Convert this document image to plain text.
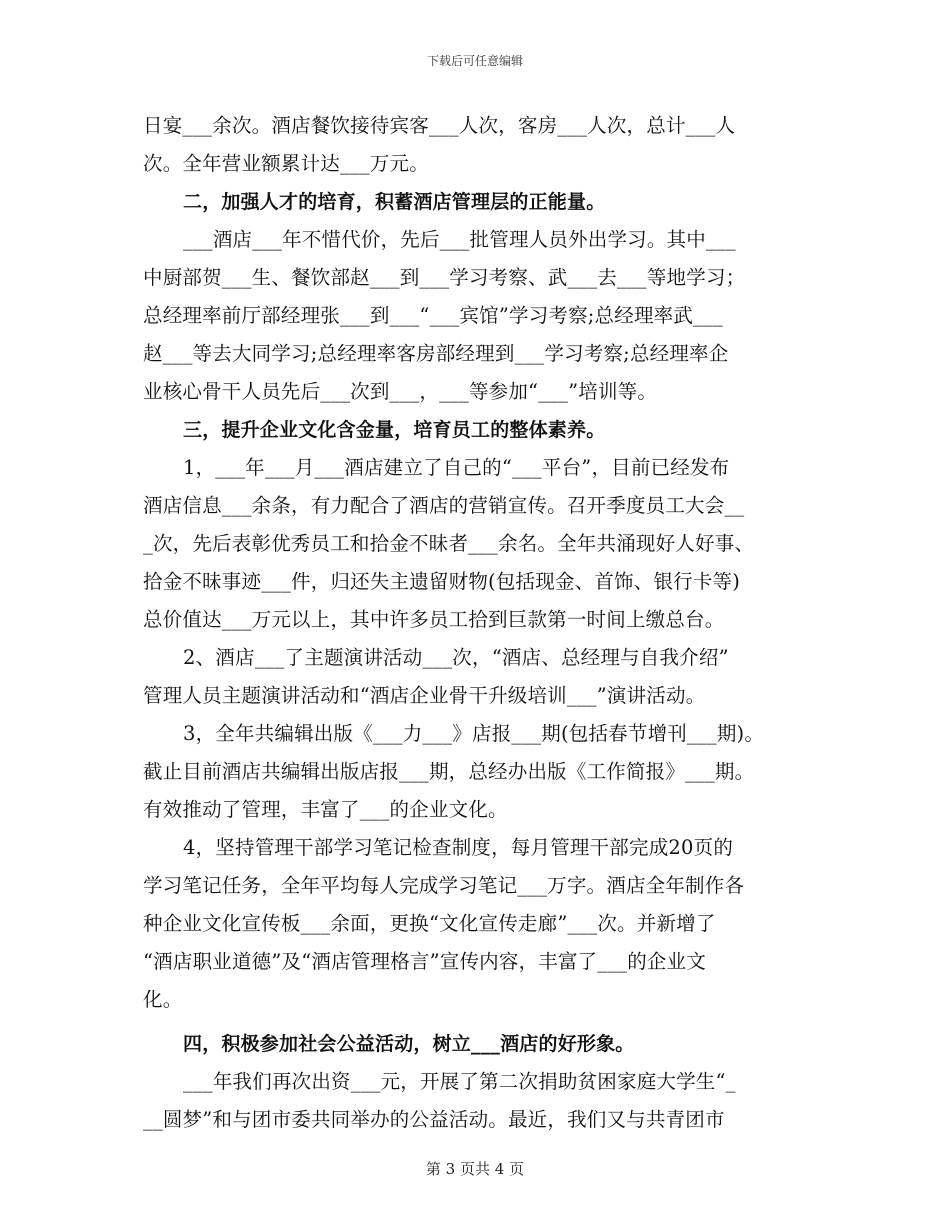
下载后可任意编辑
日宴___余次。酒店餐饮接待宾客___人次，客房___人次，总计___人
次。全年营业额累计达___万元。
二，加强人才的培育，积蓄酒店管理层的正能量。
___酒店___年不惜代价，先后___批管理人员外出学习。其中___
中厨部贺___生、餐饮部赵___到___学习考察、武___去___等地学习；
总经理率前厅部经理张___到___“___宾馆”学习考察;总经理率武___
赵___等去大同学习;总经理率客房部经理到___学习考察;总经理率企
业核心骨干人员先后___次到___，___等参加“___”培训等。
三，提升企业文化含金量，培育员工的整体素养。
1，___年___月___酒店建立了自己的“___平台”，目前已经发布
酒店信息___余条，有力配合了酒店的营销宣传。召开季度员工大会__
_次，先后表彰优秀员工和拾金不昧者___余名。全年共涌现好人好事、
拾金不昧事迹___件，归还失主遗留财物(包括现金、首饰、银行卡等)
总价值达___万元以上，其中许多员工拾到巨款第一时间上缴总台。
2、酒店___了主题演讲活动___次，“酒店、总经理与自我介绍”
管理人员主题演讲活动和“酒店企业骨干升级培训___”演讲活动。
3，全年共编辑出版《___力___》店报___期(包括春节增刊___期)。
截止目前酒店共编辑出版店报___期，总经办出版《工作简报》___期。
有效推动了管理，丰富了___的企业文化。
4，坚持管理干部学习笔记检查制度，每月管理干部完成20页的
学习笔记任务，全年平均每人完成学习笔记___万字。酒店全年制作各
种企业文化宣传板___余面，更换“文化宣传走廊”___次。并新增了
“酒店职业道德”及“酒店管理格言”宣传内容，丰富了___的企业文
化。
四，积极参加社会公益活动，树立___酒店的好形象。
___年我们再次出资___元，开展了第二次捐助贫困家庭大学生“_
__圆梦”和与团市委共同举办的公益活动。最近，我们又与共青团市
第 3 页共 4 页
